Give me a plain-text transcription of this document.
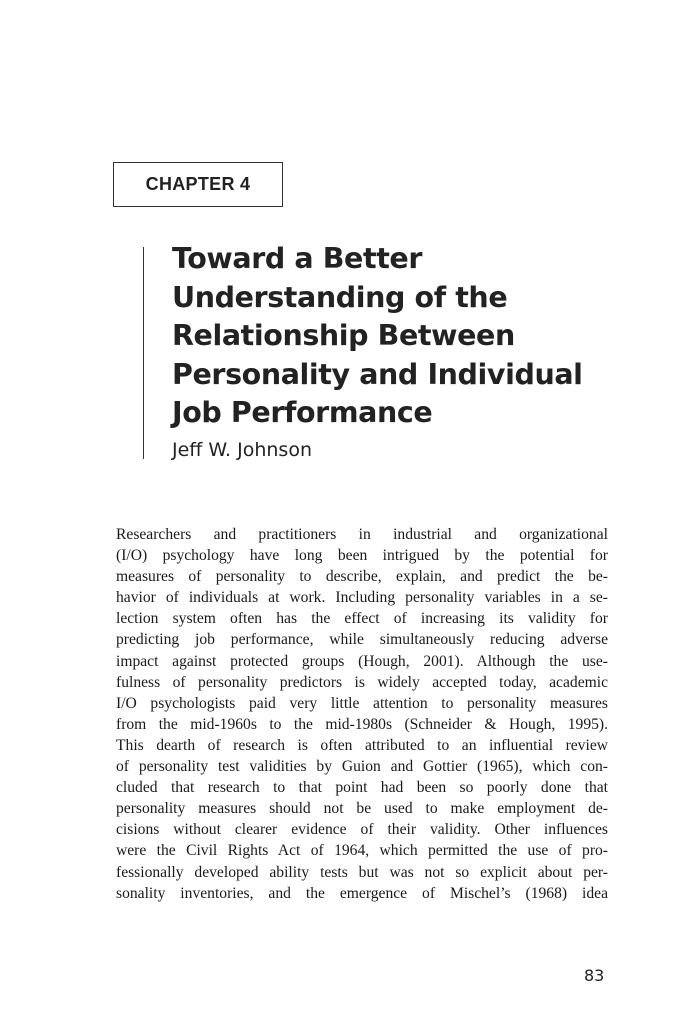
CHAPTER 4
Toward a Better
Understanding of the
Relationship Between
Personality and Individual
Job Performance
Jeff W. Johnson
Researchers and practitioners in industrial and organizational
(I/O) psychology have long been intrigued by the potential for
measures of personality to describe, explain, and predict the be-
havior of individuals at work. Including personality variables in a se-
lection system often has the effect of increasing its validity for
predicting job performance, while simultaneously reducing adverse
impact against protected groups (Hough, 2001). Although the use-
fulness of personality predictors is widely accepted today, academic
I/O psychologists paid very little attention to personality measures
from the mid-1960s to the mid-1980s (Schneider & Hough, 1995).
This dearth of research is often attributed to an influential review
of personality test validities by Guion and Gottier (1965), which con-
cluded that research to that point had been so poorly done that
personality measures should not be used to make employment de-
cisions without clearer evidence of their validity. Other influences
were the Civil Rights Act of 1964, which permitted the use of pro-
fessionally developed ability tests but was not so explicit about per-
sonality inventories, and the emergence of Mischel’s (1968) idea
83
